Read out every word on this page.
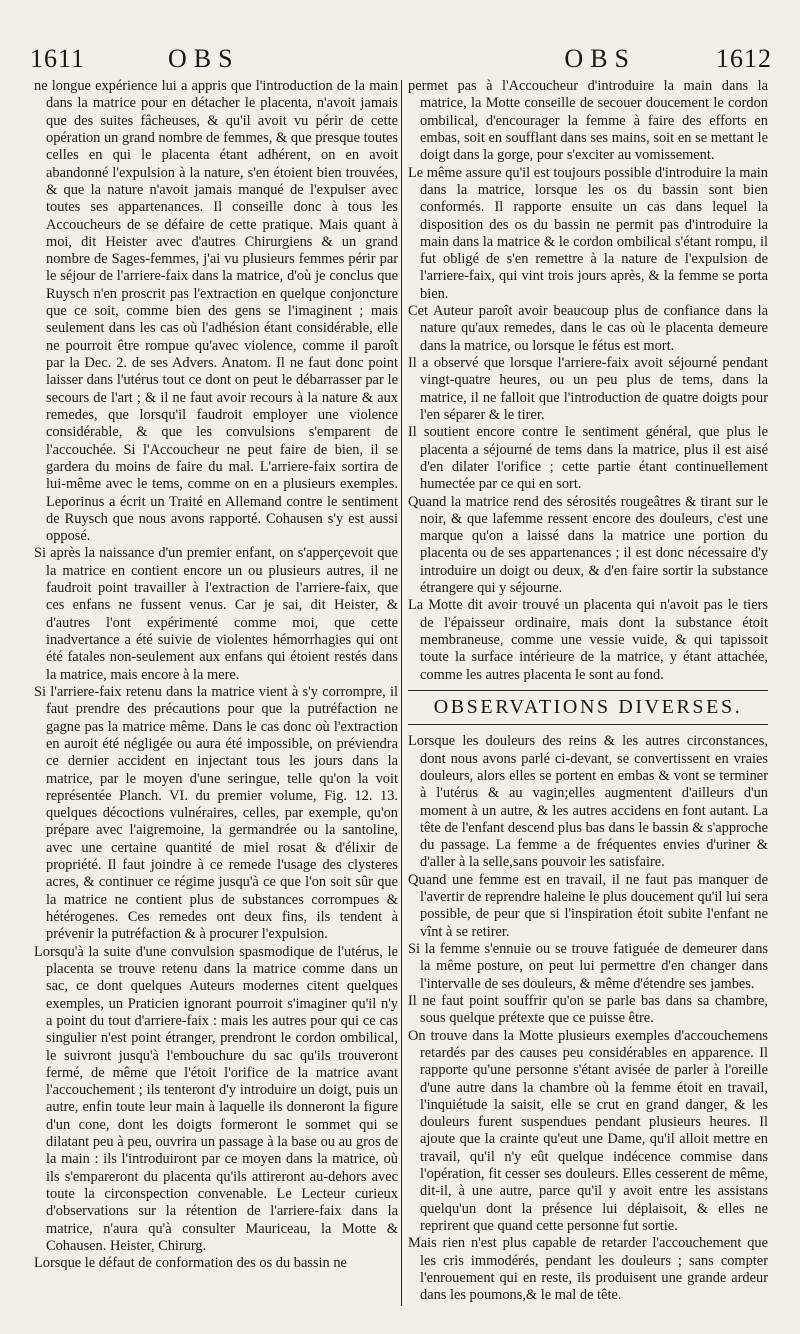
1611	OBS	OBS	1612

ne longue expérience lui a appris que l'introduction de la main dans la matrice pour en détacher le placenta, n'avoit jamais que des suites fâcheuses, & qu'il avoit vu périr de cette opération un grand nombre de femmes, & que presque toutes celles en qui le placenta étant adhérent, on en avoit abandonné l'expulsion à la nature, s'en étoient bien trouvées, & que la nature n'avoit jamais manqué de l'expulser avec toutes ses appartenances. Il conseille donc à tous les Accoucheurs de se défaire de cette pratique. Mais quant à moi, dit Heister avec d'autres Chirurgiens & un grand nombre de Sages-femmes, j'ai vu plusieurs femmes périr par le séjour de l'arriere-faix dans la matrice, d'où je conclus que Ruysch n'en proscrit pas l'extraction en quelque conjoncture que ce soit, comme bien des gens se l'imaginent ; mais seulement dans les cas où l'adhésion étant considérable, elle ne pourroit être rompue qu'avec violence, comme il paroît par la Dec. 2. de ses Advers. Anatom. Il ne faut donc point laisser dans l'utérus tout ce dont on peut le débarrasser par le secours de l'art ; & il ne faut avoir recours à la nature & aux remedes, que lorsqu'il faudroit employer une violence considérable, & que les convulsions s'emparent de l'accouchée. Si l'Accoucheur ne peut faire de bien, il se gardera du moins de faire du mal. L'arriere-faix sortira de lui-même avec le tems, comme on en a plusieurs exemples. Leporinus a écrit un Traité en Allemand contre le sentiment de Ruysch que nous avons rapporté. Cohausen s'y est aussi opposé.

Si après la naissance d'un premier enfant, on s'apperçevoit que la matrice en contient encore un ou plusieurs autres, il ne faudroit point travailler à l'extraction de l'arriere-faix, que ces enfans ne fussent venus. Car je sai, dit Heister, & d'autres l'ont expérimenté comme moi, que cette inadvertance a été suivie de violentes hémorrhagies qui ont été fatales non-seulement aux enfans qui étoient restés dans la matrice, mais encore à la mere.

Si l'arriere-faix retenu dans la matrice vient à s'y corrompre, il faut prendre des précautions pour que la putréfaction ne gagne pas la matrice même. Dans le cas donc où l'extraction en auroit été négligée ou aura été impossible, on préviendra ce dernier accident en injectant tous les jours dans la matrice, par le moyen d'une seringue, telle qu'on la voit représentée Planch. VI. du premier volume, Fig. 12. 13. quelques décoctions vulnéraires, celles, par exemple, qu'on prépare avec l'aigremoine, la germandrée ou la santoline, avec une certaine quantité de miel rosat & d'élixir de propriété. Il faut joindre à ce remede l'usage des clysteres acres, & continuer ce régime jusqu'à ce que l'on soit sûr que la matrice ne contient plus de substances corrompues & hétérogenes. Ces remedes ont deux fins, ils tendent à prévenir la putréfaction & à procurer l'expulsion.

Lorsqu'à la suite d'une convulsion spasmodique de l'utérus, le placenta se trouve retenu dans la matrice comme dans un sac, ce dont quelques Auteurs modernes citent quelques exemples, un Praticien ignorant pourroit s'imaginer qu'il n'y a point du tout d'arriere-faix : mais les autres pour qui ce cas singulier n'est point étranger, prendront le cordon ombilical, le suivront jusqu'à l'embouchure du sac qu'ils trouveront fermé, de même que l'étoit l'orifice de la matrice avant l'accouchement ; ils tenteront d'y introduire un doigt, puis un autre, enfin toute leur main à laquelle ils donneront la figure d'un cone, dont les doigts formeront le sommet qui se dilatant peu à peu, ouvrira un passage à la base ou au gros de la main : ils l'introduiront par ce moyen dans la matrice, où ils s'empareront du placenta qu'ils attireront au-dehors avec toute la circonspection convenable. Le Lecteur curieux d'observations sur la rétention de l'arriere-faix dans la matrice, n'aura qu'à consulter Mauriceau, la Motte & Cohausen. Heister, Chirurg.

Lorsque le défaut de conformation des os du bassin ne

permet pas à l'Accoucheur d'introduire la main dans la matrice, la Motte conseille de secouer doucement le cordon ombilical, d'encourager la femme à faire des efforts en embas, soit en soufflant dans ses mains, soit en se mettant le doigt dans la gorge, pour s'exciter au vomissement.

Le même assure qu'il est toujours possible d'introduire la main dans la matrice, lorsque les os du bassin sont bien conformés. Il rapporte ensuite un cas dans lequel la disposition des os du bassin ne permit pas d'introduire la main dans la matrice & le cordon ombilical s'étant rompu, il fut obligé de s'en remettre à la nature de l'expulsion de l'arriere-faix, qui vint trois jours après, & la femme se porta bien.

Cet Auteur paroît avoir beaucoup plus de confiance dans la nature qu'aux remedes, dans le cas où le placenta demeure dans la matrice, ou lorsque le fétus est mort.

Il a observé que lorsque l'arriere-faix avoit séjourné pendant vingt-quatre heures, ou un peu plus de tems, dans la matrice, il ne falloit que l'introduction de quatre doigts pour l'en séparer & le tirer.

Il soutient encore contre le sentiment général, que plus le placenta a séjourné de tems dans la matrice, plus il est aisé d'en dilater l'orifice ; cette partie étant continuellement humectée par ce qui en sort.

Quand la matrice rend des sérosités rougeâtres & tirant sur le noir, & que lafemme ressent encore des douleurs, c'est une marque qu'on a laissé dans la matrice une portion du placenta ou de ses appartenances ; il est donc nécessaire d'y introduire un doigt ou deux, & d'en faire sortir la substance étrangere qui y séjourne.

La Motte dit avoir trouvé un placenta qui n'avoit pas le tiers de l'épaisseur ordinaire, mais dont la substance étoit membraneuse, comme une vessie vuide, & qui tapissoit toute la surface intérieure de la matrice, y étant attachée, comme les autres placenta le sont au fond.

OBSERVATIONS DIVERSES.

Lorsque les douleurs des reins & les autres circonstances, dont nous avons parlé ci-devant, se convertissent en vraies douleurs, alors elles se portent en embas & vont se terminer à l'utérus & au vagin;elles augmentent d'ailleurs d'un moment à un autre, & les autres accidens en font autant. La tête de l'enfant descend plus bas dans le bassin & s'approche du passage. La femme a de fréquentes envies d'uriner & d'aller à la selle,sans pouvoir les satisfaire.

Quand une femme est en travail, il ne faut pas manquer de l'avertir de reprendre haleine le plus doucement qu'il lui sera possible, de peur que si l'inspiration étoit subite l'enfant ne vînt à se retirer.

Si la femme s'ennuie ou se trouve fatiguée de demeurer dans la même posture, on peut lui permettre d'en changer dans l'intervalle de ses douleurs, & même d'étendre ses jambes.

Il ne faut point souffrir qu'on se parle bas dans sa chambre, sous quelque prétexte que ce puisse être.

On trouve dans la Motte plusieurs exemples d'accouchemens retardés par des causes peu considérables en apparence. Il rapporte qu'une personne s'étant avisée de parler à l'oreille d'une autre dans la chambre où la femme étoit en travail, l'inquiétude la saisit, elle se crut en grand danger, & les douleurs furent suspendues pendant plusieurs heures. Il ajoute que la crainte qu'eut une Dame, qu'il alloit mettre en travail, qu'il n'y eût quelque indécence commise dans l'opération, fit cesser ses douleurs. Elles cesserent de même, dit-il, à une autre, parce qu'il y avoit entre les assistans quelqu'un dont la présence lui déplaisoit, & elles ne reprirent que quand cette personne fut sortie.

Mais rien n'est plus capable de retarder l'accouchement que les cris immodérés, pendant les douleurs ; sans compter l'enrouement qui en reste, ils produisent une grande ardeur dans les poumons,& le mal de tête.
